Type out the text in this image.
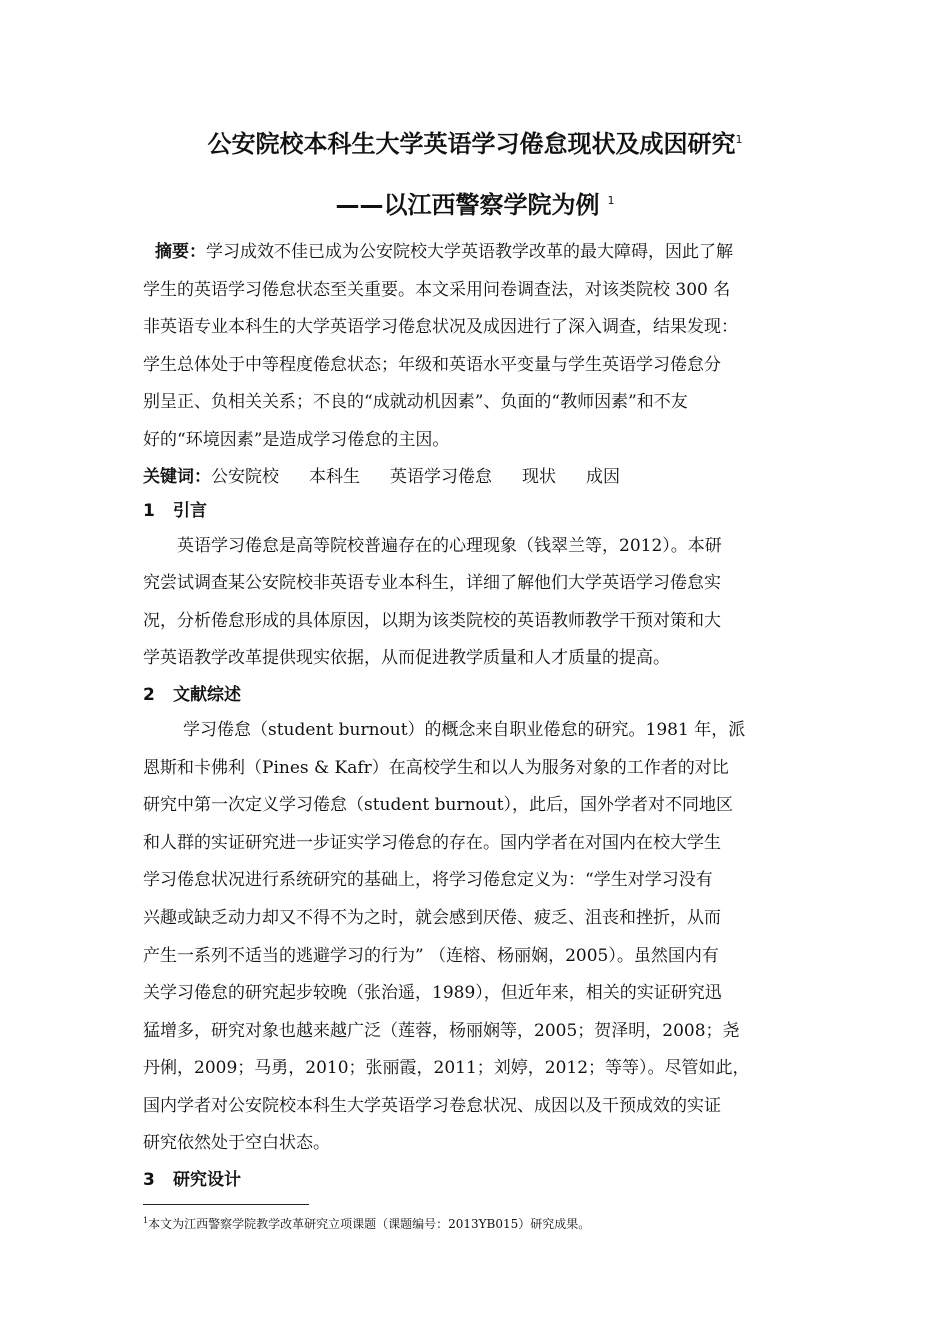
公安院校本科生大学英语学习倦怠现状及成因研究$^1$
——以江西警察学院为例 $^1$
摘要：学习成效不佳已成为公安院校大学英语教学改革的最大障碍，因此了解
学生的英语学习倦怠状态至关重要。本文采用问卷调查法，对该类院校 300 名
非英语专业本科生的大学英语学习倦怠状况及成因进行了深入调查，结果发现：
学生总体处于中等程度倦怠状态；年级和英语水平变量与学生英语学习倦怠分
别呈正、负相关关系；不良的“成就动机因素”、负面的“教师因素”和不友
好的“环境因素”是造成学习倦怠的主因。
关键词：公安院校 本科生 英语学习倦怠 现状 成因
1 引言
英语学习倦怠是高等院校普遍存在的心理现象（钱翠兰等，2012）。本研
究尝试调查某公安院校非英语专业本科生，详细了解他们大学英语学习倦怠实
况，分析倦怠形成的具体原因，以期为该类院校的英语教师教学干预对策和大
学英语教学改革提供现实依据，从而促进教学质量和人才质量的提高。
2 文献综述
学习倦怠（student burnout）的概念来自职业倦怠的研究。1981 年，派
恩斯和卡佛利（Pines & Kafr）在高校学生和以人为服务对象的工作者的对比
研究中第一次定义学习倦怠（student burnout），此后，国外学者对不同地区
和人群的实证研究进一步证实学习倦怠的存在。国内学者在对国内在校大学生
学习倦怠状况进行系统研究的基础上，将学习倦怠定义为：“学生对学习没有
兴趣或缺乏动力却又不得不为之时，就会感到厌倦、疲乏、沮丧和挫折，从而
产生一系列不适当的逃避学习的行为” （连榕、杨丽娴，2005）。虽然国内有
关学习倦怠的研究起步较晚（张治遥，1989），但近年来，相关的实证研究迅
猛增多，研究对象也越来越广泛（莲蓉，杨丽娴等，2005；贺泽明，2008；尧
丹俐，2009；马勇，2010；张丽霞，2011；刘婷，2012；等等）。尽管如此，
国内学者对公安院校本科生大学英语学习卷怠状况、成因以及干预成效的实证
研究依然处于空白状态。
3 研究设计
$^1$本文为江西警察学院教学改革研究立项课题（课题编号：2013YB015）研究成果。
